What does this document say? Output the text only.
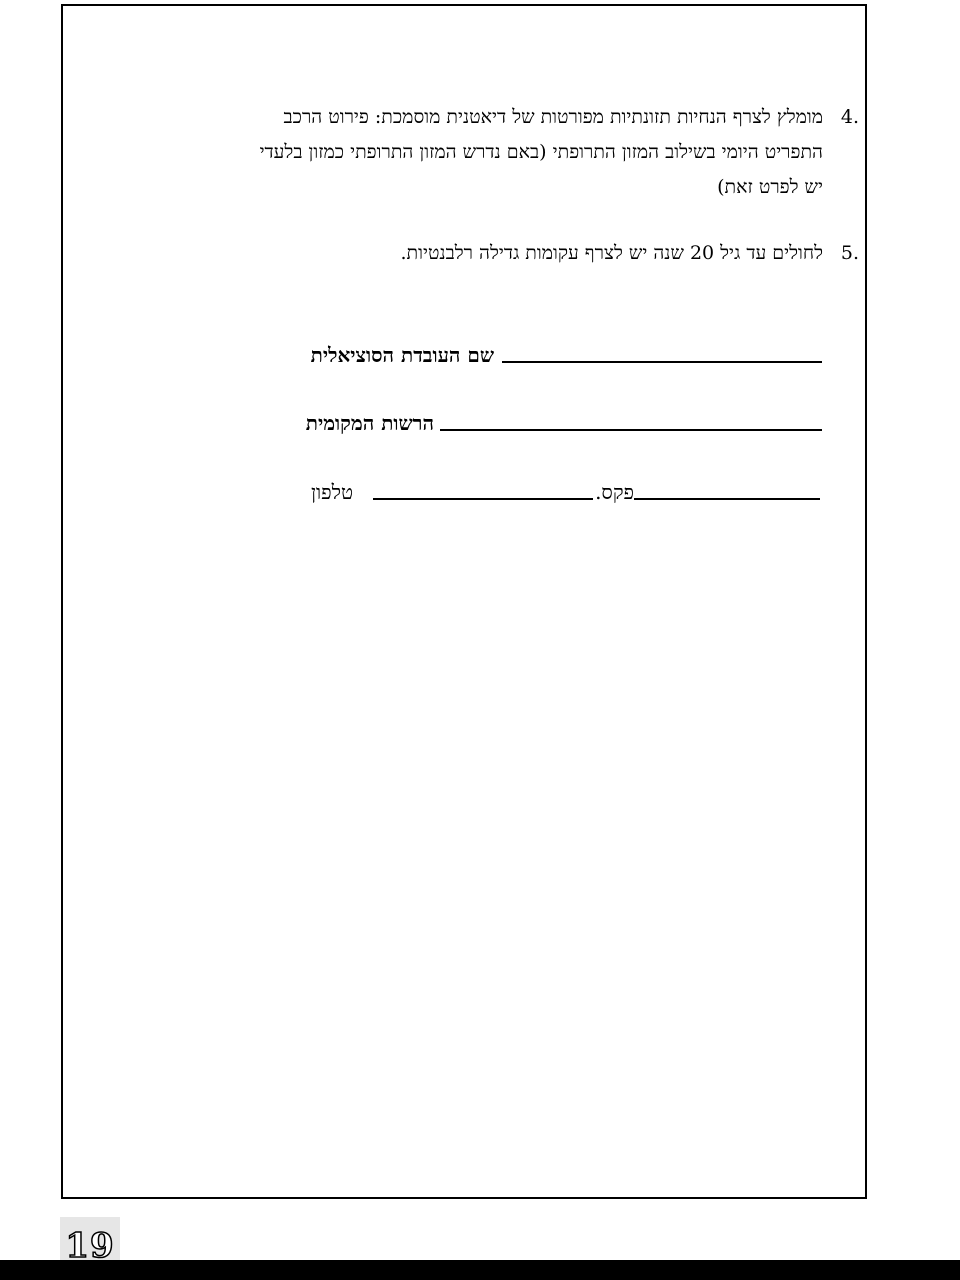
4.

מומלץ לצרף הנחיות תזונתיות מפורטות של דיאטנית מוסמכת: פירוט הרכב

התפריט היומי בשילוב המזון התרופתי (באם נדרש המזון התרופתי כמזון בלעדי

יש לפרט זאת)

5.

לחולים עד גיל 20 שנה יש לצרף עקומות גדילה רלבנטיות.

שם העובדת הסוציאלית
הרשות המקומית
טלפון	פקס.
19
